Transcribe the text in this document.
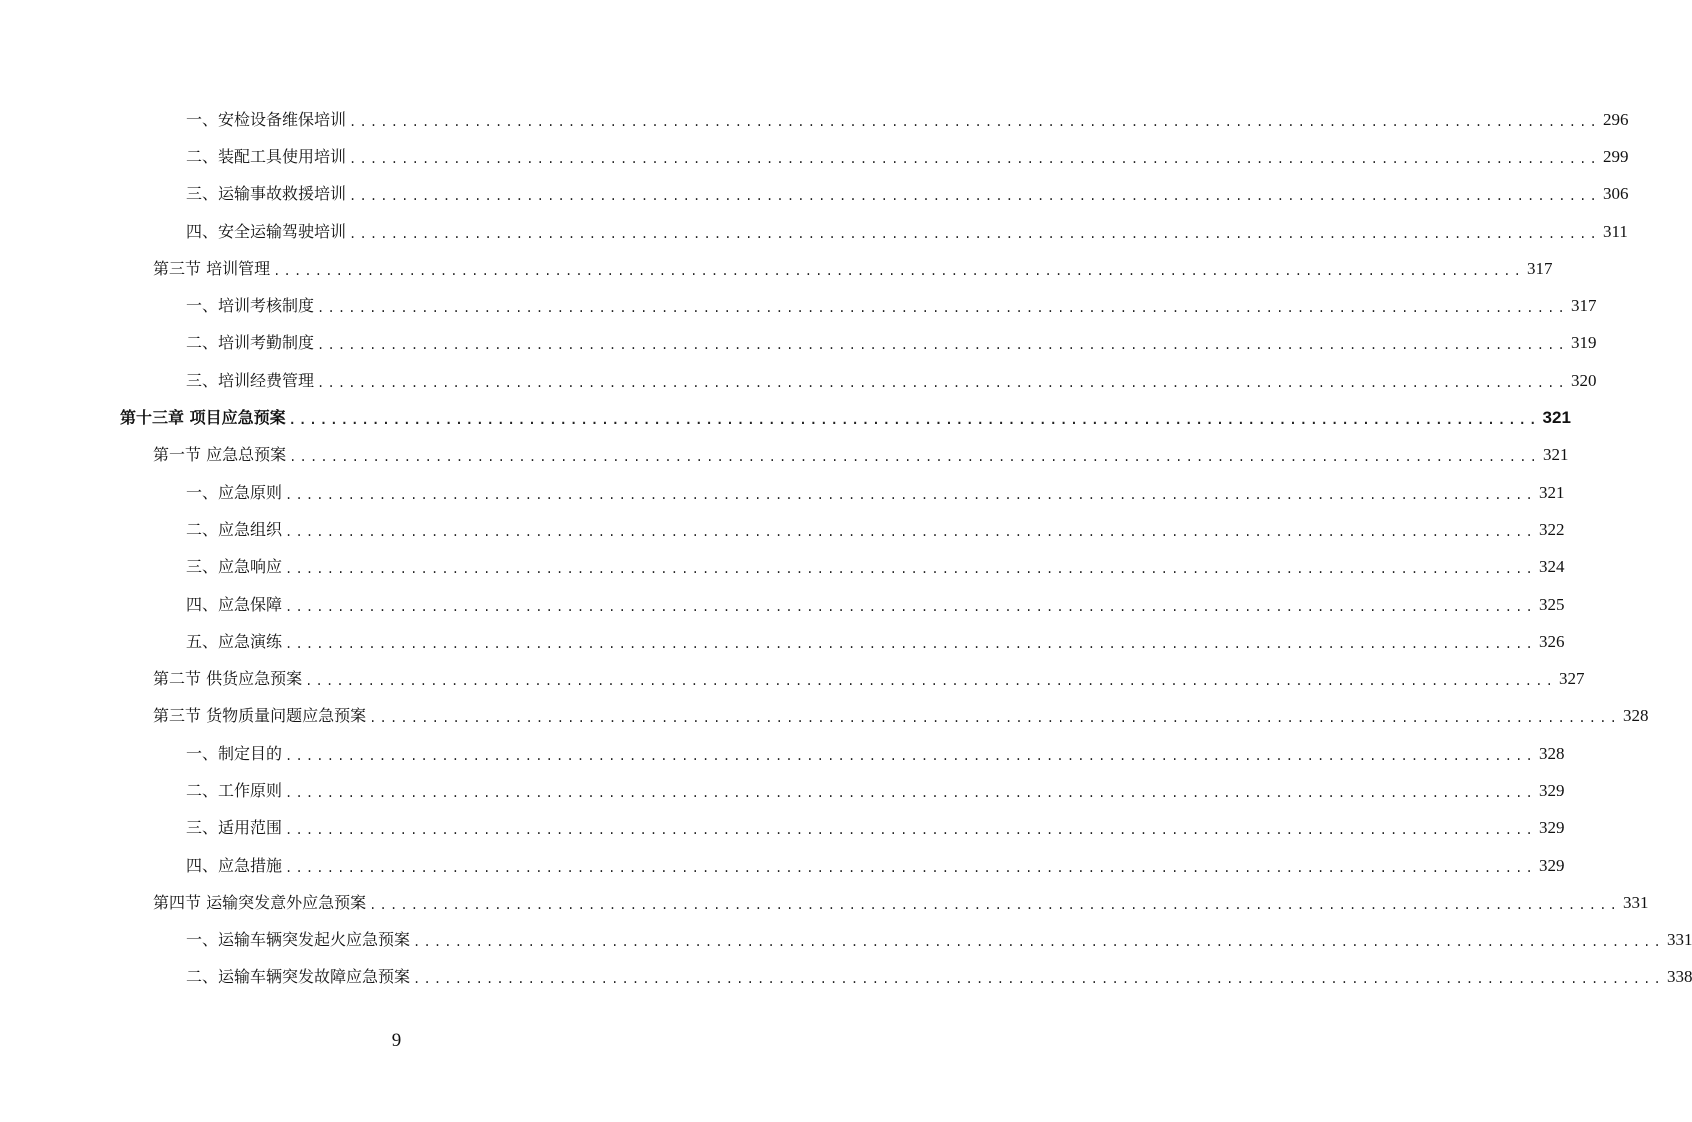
一、安检设备维保培训 ........................................................................................................................ 296
二、装配工具使用培训 ........................................................................................................................ 299
三、运输事故救援培训 ........................................................................................................................ 306
四、安全运输驾驶培训 ........................................................................................................................ 311
第三节 培训管理 ........................................................................................................................ 317
一、培训考核制度 ........................................................................................................................ 317
二、培训考勤制度 ........................................................................................................................ 319
三、培训经费管理 ........................................................................................................................ 320
第十三章 项目应急预案 ........................................................................................................................ 321
第一节 应急总预案 ........................................................................................................................ 321
一、应急原则 ........................................................................................................................ 321
二、应急组织 ........................................................................................................................ 322
三、应急响应 ........................................................................................................................ 324
四、应急保障 ........................................................................................................................ 325
五、应急演练 ........................................................................................................................ 326
第二节 供货应急预案 ........................................................................................................................ 327
第三节 货物质量问题应急预案 ........................................................................................................................ 328
一、制定目的 ........................................................................................................................ 328
二、工作原则 ........................................................................................................................ 329
三、适用范围 ........................................................................................................................ 329
四、应急措施 ........................................................................................................................ 329
第四节 运输突发意外应急预案 ........................................................................................................................ 331
一、运输车辆突发起火应急预案 ........................................................................................................................ 331
二、运输车辆突发故障应急预案 ........................................................................................................................ 338
9
